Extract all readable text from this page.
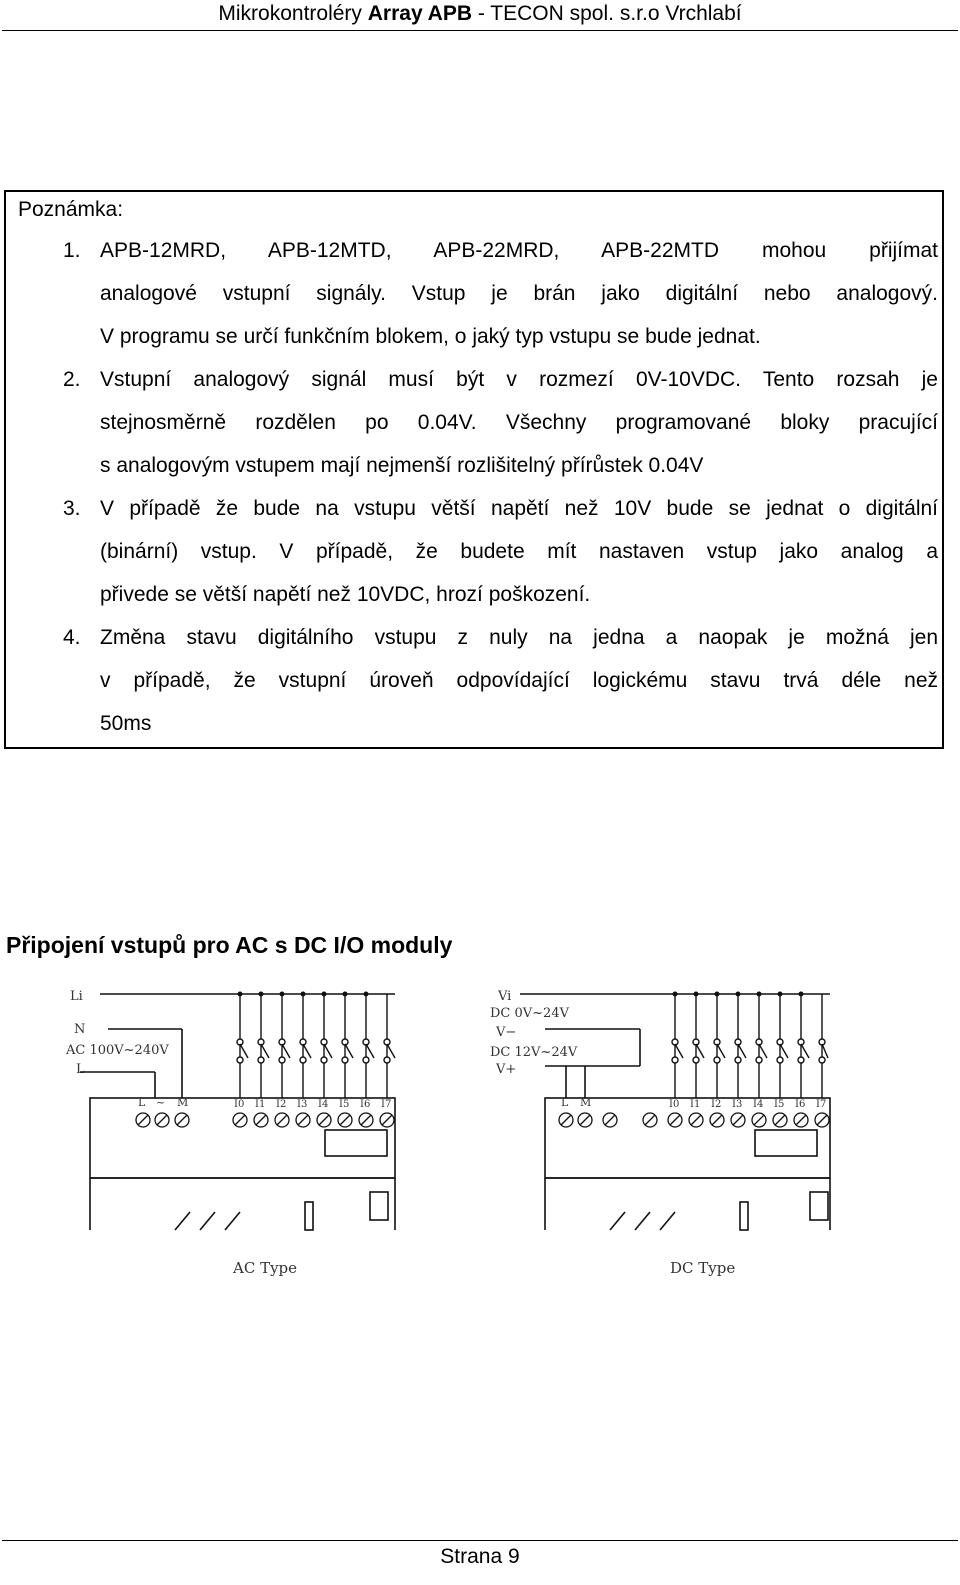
Mikrokontroléry Array APB - TECON spol. s.r.o Vrchlabí
Poznámka:
1. APB-12MRD, APB-12MTD, APB-22MRD, APB-22MTD mohou přijímat
analogové vstupní signály. Vstup je brán jako digitální nebo analogový.
V programu se určí funkčním blokem, o jaký typ vstupu se bude jednat.
2. Vstupní analogový signál musí být v rozmezí 0V-10VDC. Tento rozsah je
stejnosměrně rozdělen po 0.04V. Všechny programované bloky pracující
s analogovým vstupem mají nejmenší rozlišitelný přírůstek 0.04V
3. V případě že bude na vstupu větší napětí než 10V bude se jednat o digitální
(binární) vstup. V případě, že budete mít nastaven vstup jako analog a
přivede se větší napětí než 10VDC, hrozí poškození.
4. Změna stavu digitálního vstupu z nuly na jedna a naopak je možná jen
v případě, že vstupní úroveň odpovídající logickému stavu trvá déle než
50ms
Připojení vstupů pro AC s DC I/O moduly
Li
N
AC 100V~240V
L
L ~ M	I0 I1 I2 I3 I4 I5 I6 I7
AC Type
Vi
DC 0V~24V
V−
DC 12V~24V
V+
L M	I0 I1 I2 I3 I4 I5 I6 I7
DC Type
Strana 9
